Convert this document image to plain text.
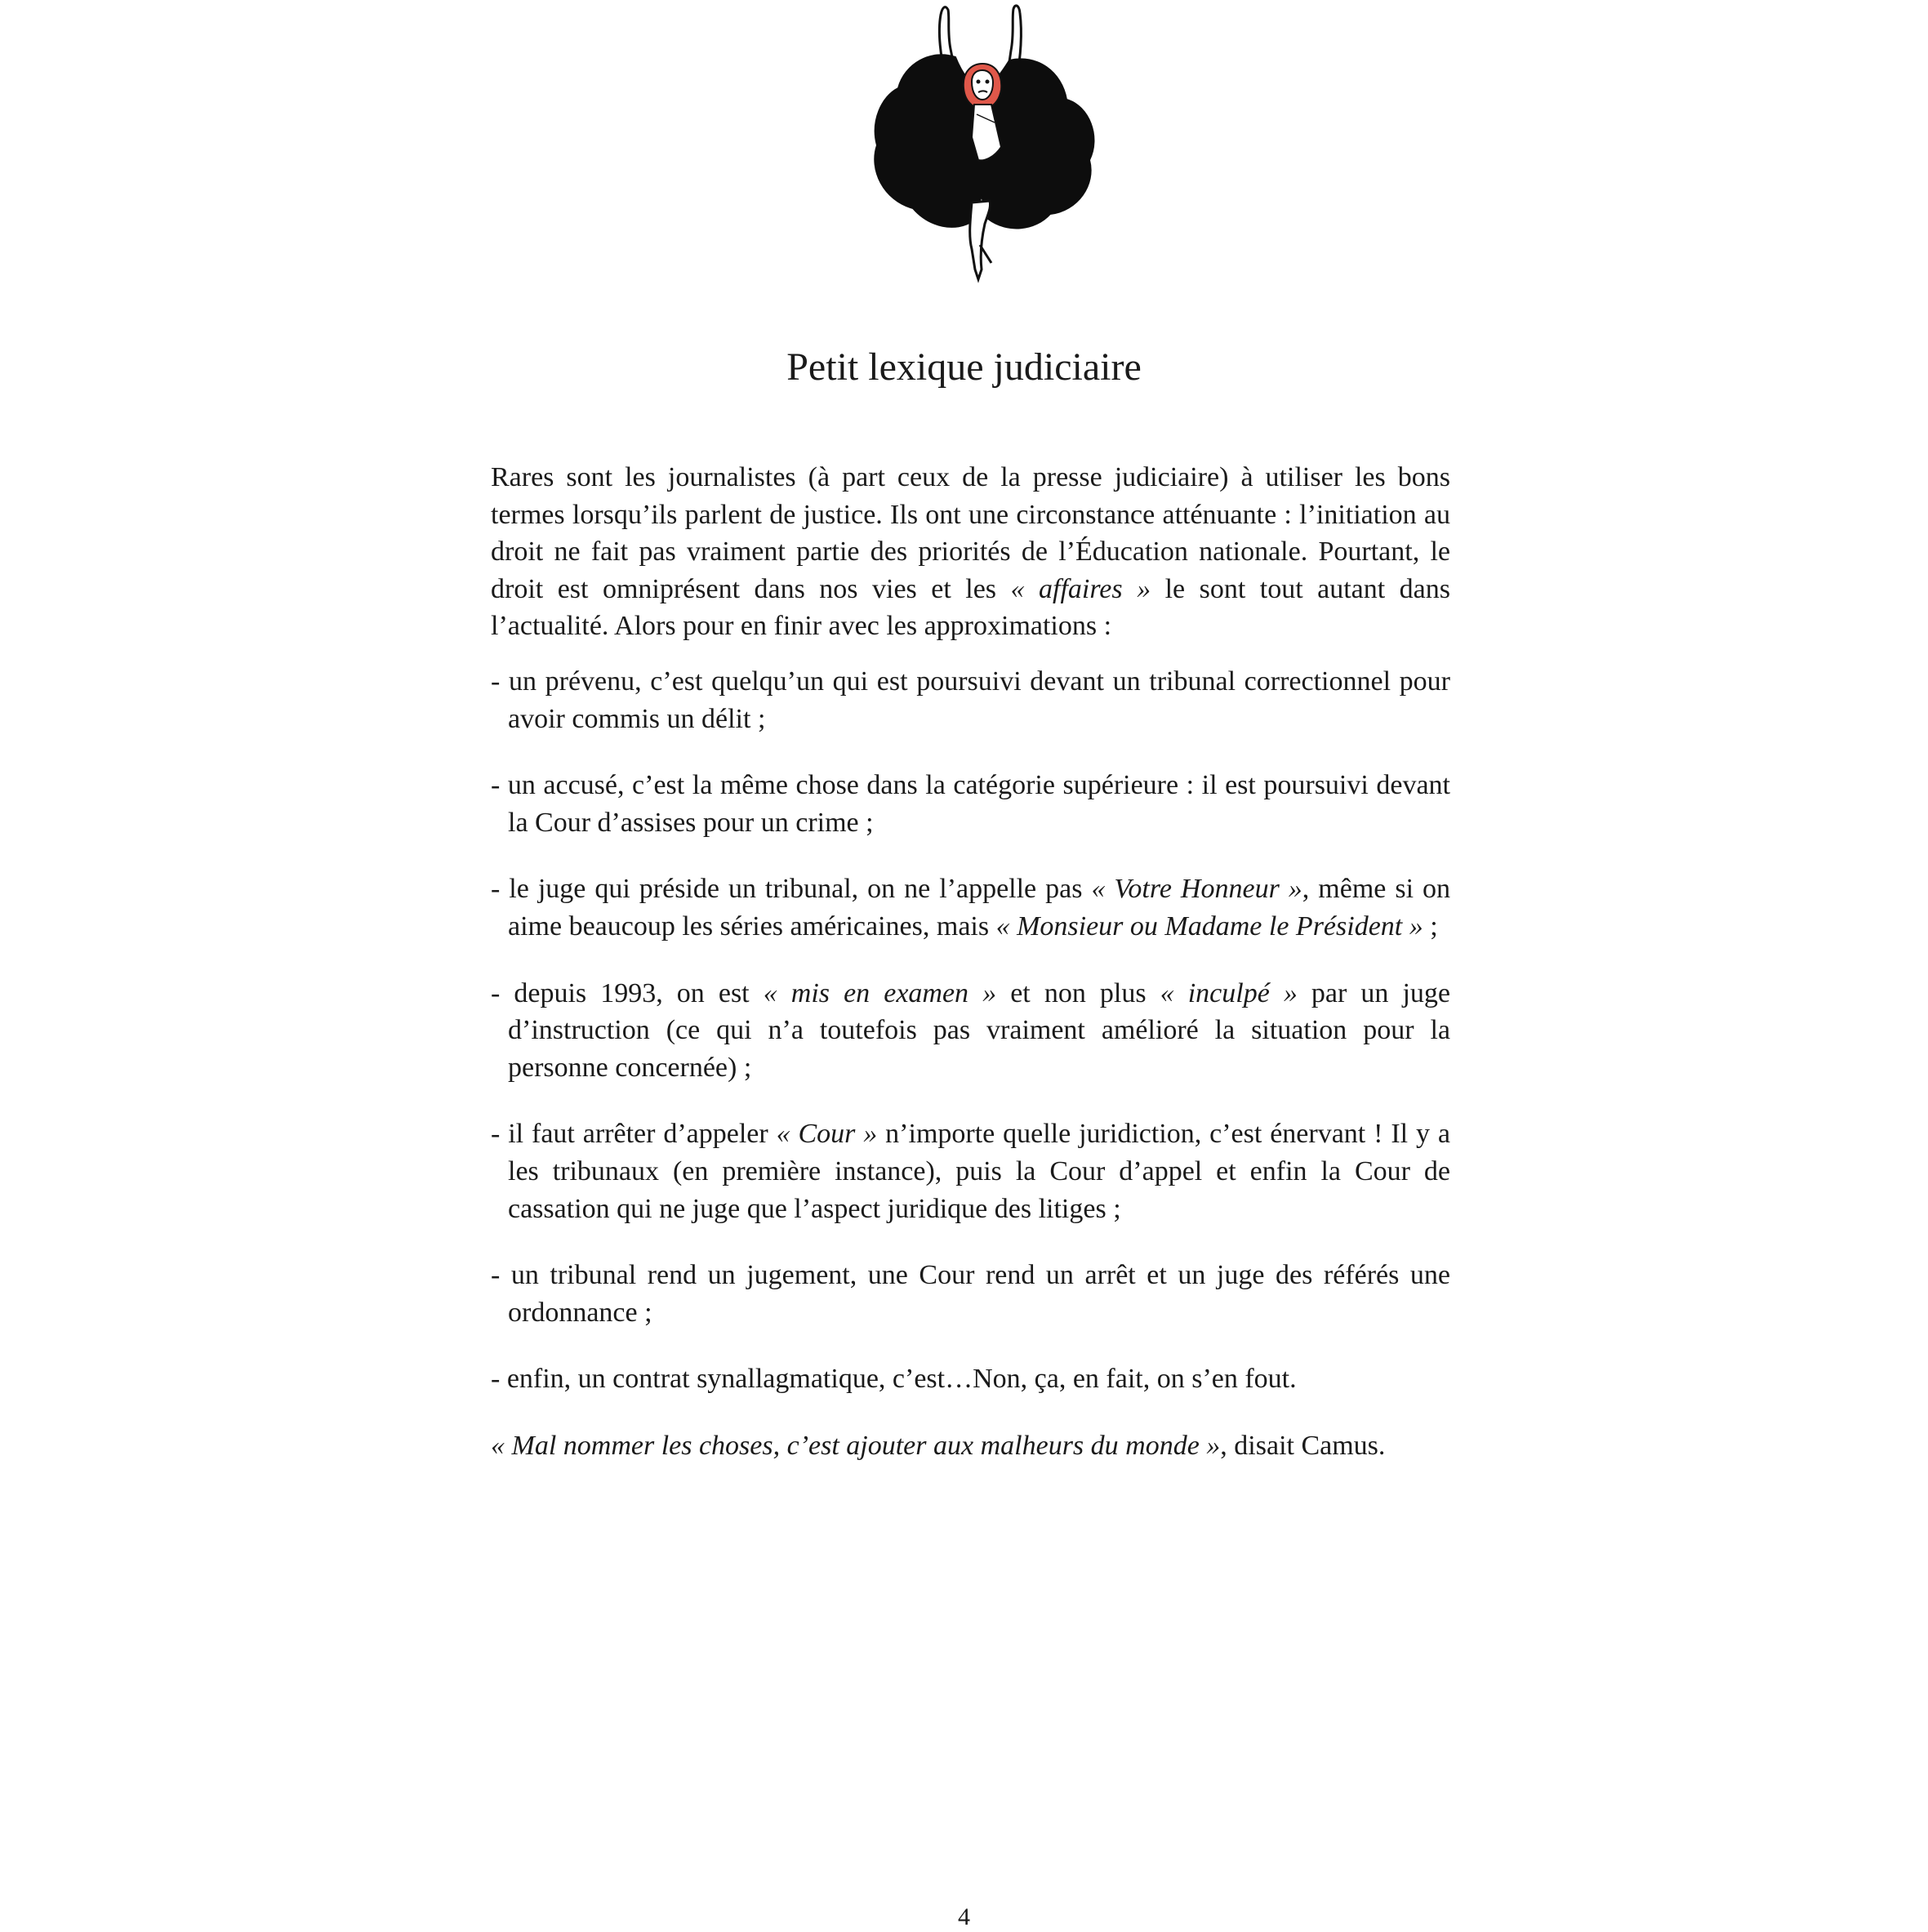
Petit lexique judiciaire

Rares sont les journalistes (à part ceux de la presse judiciaire) à utiliser les bons termes lorsqu’ils parlent de justice. Ils ont une circonstance atténuante : l’initiation au droit ne fait pas vraiment partie des priorités de l’Éducation nationale. Pourtant, le droit est omniprésent dans nos vies et les « affaires » le sont tout autant dans l’actualité. Alors pour en finir avec les approximations :

- un prévenu, c’est quelqu’un qui est poursuivi devant un tribunal correctionnel pour avoir commis un délit ;

- un accusé, c’est la même chose dans la catégorie supérieure : il est poursuivi devant la Cour d’assises pour un crime ;

- le juge qui préside un tribunal, on ne l’appelle pas « Votre Honneur », même si on aime beaucoup les séries américaines, mais « Monsieur ou Madame le Président » ;

- depuis 1993, on est « mis en examen » et non plus « inculpé » par un juge d’instruction (ce qui n’a toutefois pas vraiment amélioré la situation pour la personne concernée) ;

- il faut arrêter d’appeler « Cour » n’importe quelle juridiction, c’est énervant ! Il y a les tribunaux (en première instance), puis la Cour d’appel et enfin la Cour de cassation qui ne juge que l’aspect juridique des litiges ;

- un tribunal rend un jugement, une Cour rend un arrêt et un juge des référés une ordonnance ;

- enfin, un contrat synallagmatique, c’est…Non, ça, en fait, on s’en fout.

« Mal nommer les choses, c’est ajouter aux malheurs du monde », disait Camus.

4
